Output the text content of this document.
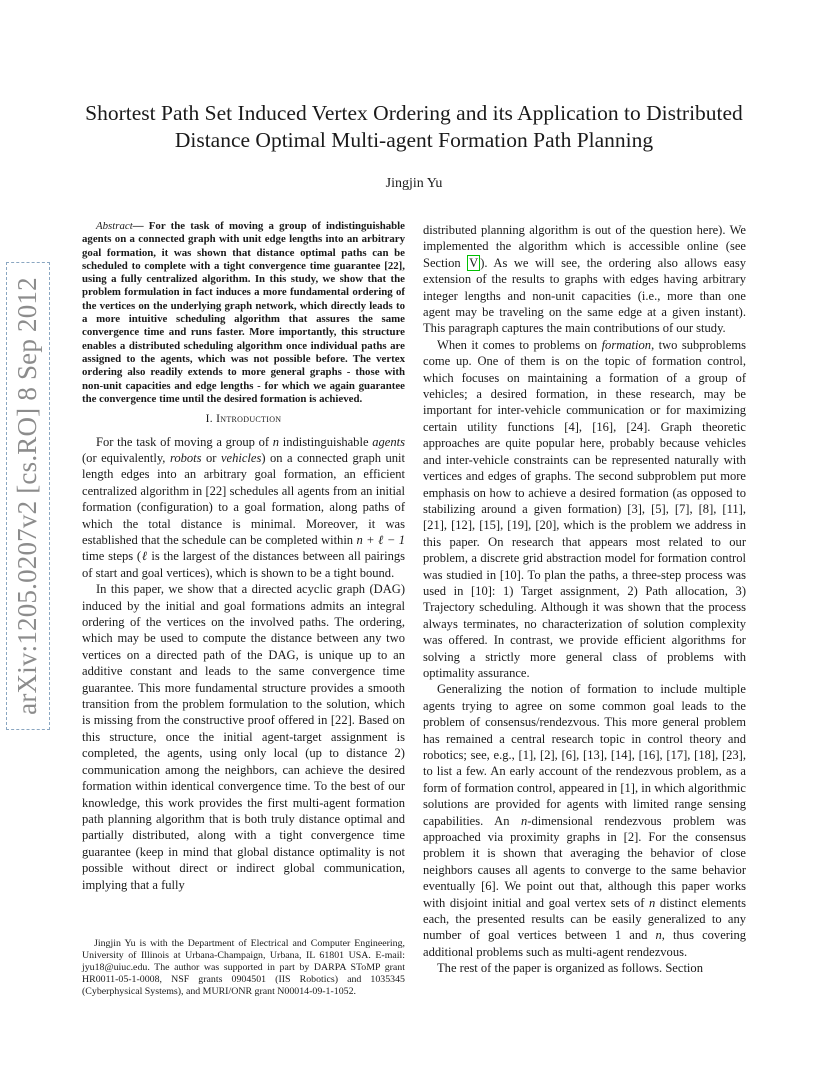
arXiv:1205.0207v2 [cs.RO] 8 Sep 2012
Shortest Path Set Induced Vertex Ordering and its Application to Distributed Distance Optimal Multi-agent Formation Path Planning
Jingjin Yu

Abstract— For the task of moving a group of indistinguishable agents on a connected graph with unit edge lengths into an arbitrary goal formation, it was shown that distance optimal paths can be scheduled to complete with a tight convergence time guarantee [22], using a fully centralized algorithm. In this study, we show that the problem formulation in fact induces a more fundamental ordering of the vertices on the underlying graph network, which directly leads to a more intuitive scheduling algorithm that assures the same convergence time and runs faster. More importantly, this structure enables a distributed scheduling algorithm once individual paths are assigned to the agents, which was not possible before. The vertex ordering also readily extends to more general graphs - those with non-unit capacities and edge lengths - for which we again guarantee the convergence time until the desired formation is achieved.

I. Introduction

For the task of moving a group of n indistinguishable agents (or equivalently, robots or vehicles) on a connected graph unit length edges into an arbitrary goal formation, an efficient centralized algorithm in [22] schedules all agents from an initial formation (configuration) to a goal formation, along paths of which the total distance is minimal. Moreover, it was established that the schedule can be completed within n + ℓ − 1 time steps (ℓ is the largest of the distances between all pairings of start and goal vertices), which is shown to be a tight bound.

In this paper, we show that a directed acyclic graph (DAG) induced by the initial and goal formations admits an integral ordering of the vertices on the involved paths. The ordering, which may be used to compute the distance between any two vertices on a directed path of the DAG, is unique up to an additive constant and leads to the same convergence time guarantee. This more fundamental structure provides a smooth transition from the problem formulation to the solution, which is missing from the constructive proof offered in [22]. Based on this structure, once the initial agent-target assignment is completed, the agents, using only local (up to distance 2) communication among the neighbors, can achieve the desired formation within identical convergence time. To the best of our knowledge, this work provides the first multi-agent formation path planning algorithm that is both truly distance optimal and partially distributed, along with a tight convergence time guarantee (keep in mind that global distance optimality is not possible without direct or indirect global communication, implying that a fully

distributed planning algorithm is out of the question here). We implemented the algorithm which is accessible online (see Section V ). As we will see, the ordering also allows easy extension of the results to graphs with edges having arbitrary integer lengths and non-unit capacities (i.e., more than one agent may be traveling on the same edge at a given instant). This paragraph captures the main contributions of our study.

When it comes to problems on formation, two subproblems come up. One of them is on the topic of formation control, which focuses on maintaining a formation of a group of vehicles; a desired formation, in these research, may be important for inter-vehicle communication or for maximizing certain utility functions [4], [16], [24]. Graph theoretic approaches are quite popular here, probably because vehicles and inter-vehicle constraints can be represented naturally with vertices and edges of graphs. The second subproblem put more emphasis on how to achieve a desired formation (as opposed to stabilizing around a given formation) [3], [5], [7], [8], [11], [21], [12], [15], [19], [20], which is the problem we address in this paper. On research that appears most related to our problem, a discrete grid abstraction model for formation control was studied in [10]. To plan the paths, a three-step process was used in [10]: 1) Target assignment, 2) Path allocation, 3) Trajectory scheduling. Although it was shown that the process always terminates, no characterization of solution complexity was offered. In contrast, we provide efficient algorithms for solving a strictly more general class of problems with optimality assurance.

Generalizing the notion of formation to include multiple agents trying to agree on some common goal leads to the problem of consensus/rendezvous. This more general problem has remained a central research topic in control theory and robotics; see, e.g., [1], [2], [6], [13], [14], [16], [17], [18], [23], to list a few. An early account of the rendezvous problem, as a form of formation control, appeared in [1], in which algorithmic solutions are provided for agents with limited range sensing capabilities. An n-dimensional rendezvous problem was approached via proximity graphs in [2]. For the consensus problem it is shown that averaging the behavior of close neighbors causes all agents to converge to the same behavior eventually [6]. We point out that, although this paper works with disjoint initial and goal vertex sets of n distinct elements each, the presented results can be easily generalized to any number of goal vertices between 1 and n, thus covering additional problems such as multi-agent rendezvous.

The rest of the paper is organized as follows. Section

Jingjin Yu is with the Department of Electrical and Computer Engineering, University of Illinois at Urbana-Champaign, Urbana, IL 61801 USA. E-mail: jyu18@uiuc.edu. The author was supported in part by DARPA SToMP grant HR0011-05-1-0008, NSF grants 0904501 (IIS Robotics) and 1035345 (Cyberphysical Systems), and MURI/ONR grant N00014-09-1-1052.
